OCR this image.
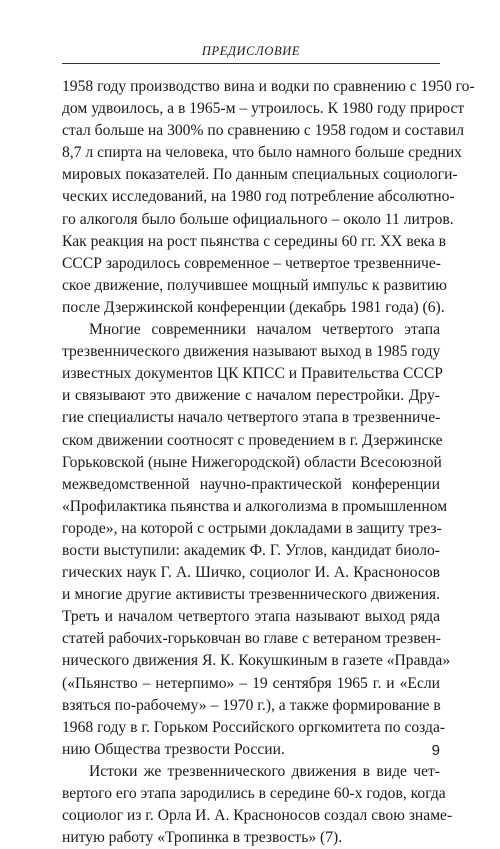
ПРЕДИСЛОВИЕ

1958 году производство вина и водки по сравнению с 1950 го-
дом удвоилось, а в 1965-м – утроилось. К 1980 году прирост
стал больше на 300% по сравнению с 1958 годом и составил
8,7 л спирта на человека, что было намного больше средних
мировых показателей. По данным специальных социологи-
ческих исследований, на 1980 год потребление абсолютно-
го алкоголя было больше официального – около 11 литров.
Как реакция на рост пьянства с середины 60 гг. XX века в
СССР зародилось современное – четвертое трезвенниче-
ское движение, получившее мощный импульс к развитию
после Дзержинской конференции (декабрь 1981 года) (6).

Многие современники началом четвертого этапа
трезвеннического движения называют выход в 1985 году
известных документов ЦК КПСС и Правительства СССР
и связывают это движение с началом перестройки. Дру-
гие специалисты начало четвертого этапа в трезвенниче-
ском движении соотносят с проведением в г. Дзержинске
Горьковской (ныне Нижегородской) области Всесоюзной
межведомственной научно-практической конференции
«Профилактика пьянства и алкоголизма в промышленном
городе», на которой с острыми докладами в защиту трез-
вости выступили: академик Ф. Г. Углов, кандидат биоло-
гических наук Г. А. Шичко, социолог И. А. Красноносов
и многие другие активисты трезвеннического движения.
Треть и началом четвертого этапа называют выход ряда
статей рабочих-горьковчан во главе с ветераном трезвен-
нического движения Я. К. Кокушкиным в газете «Правда»
(«Пьянство – нетерпимо» – 19 сентября 1965 г. и «Если
взяться по-рабочему» – 1970 г.), а также формирование в
1968 году в г. Горьком Российского оргкомитета по созда-
нию Общества трезвости России.

Истоки же трезвеннического движения в виде чет-
вертого его этапа зародились в середине 60-х годов, когда
социолог из г. Орла И. А. Красноносов создал свою знаме-
нитую работу «Тропинка в трезвость» (7).

9
